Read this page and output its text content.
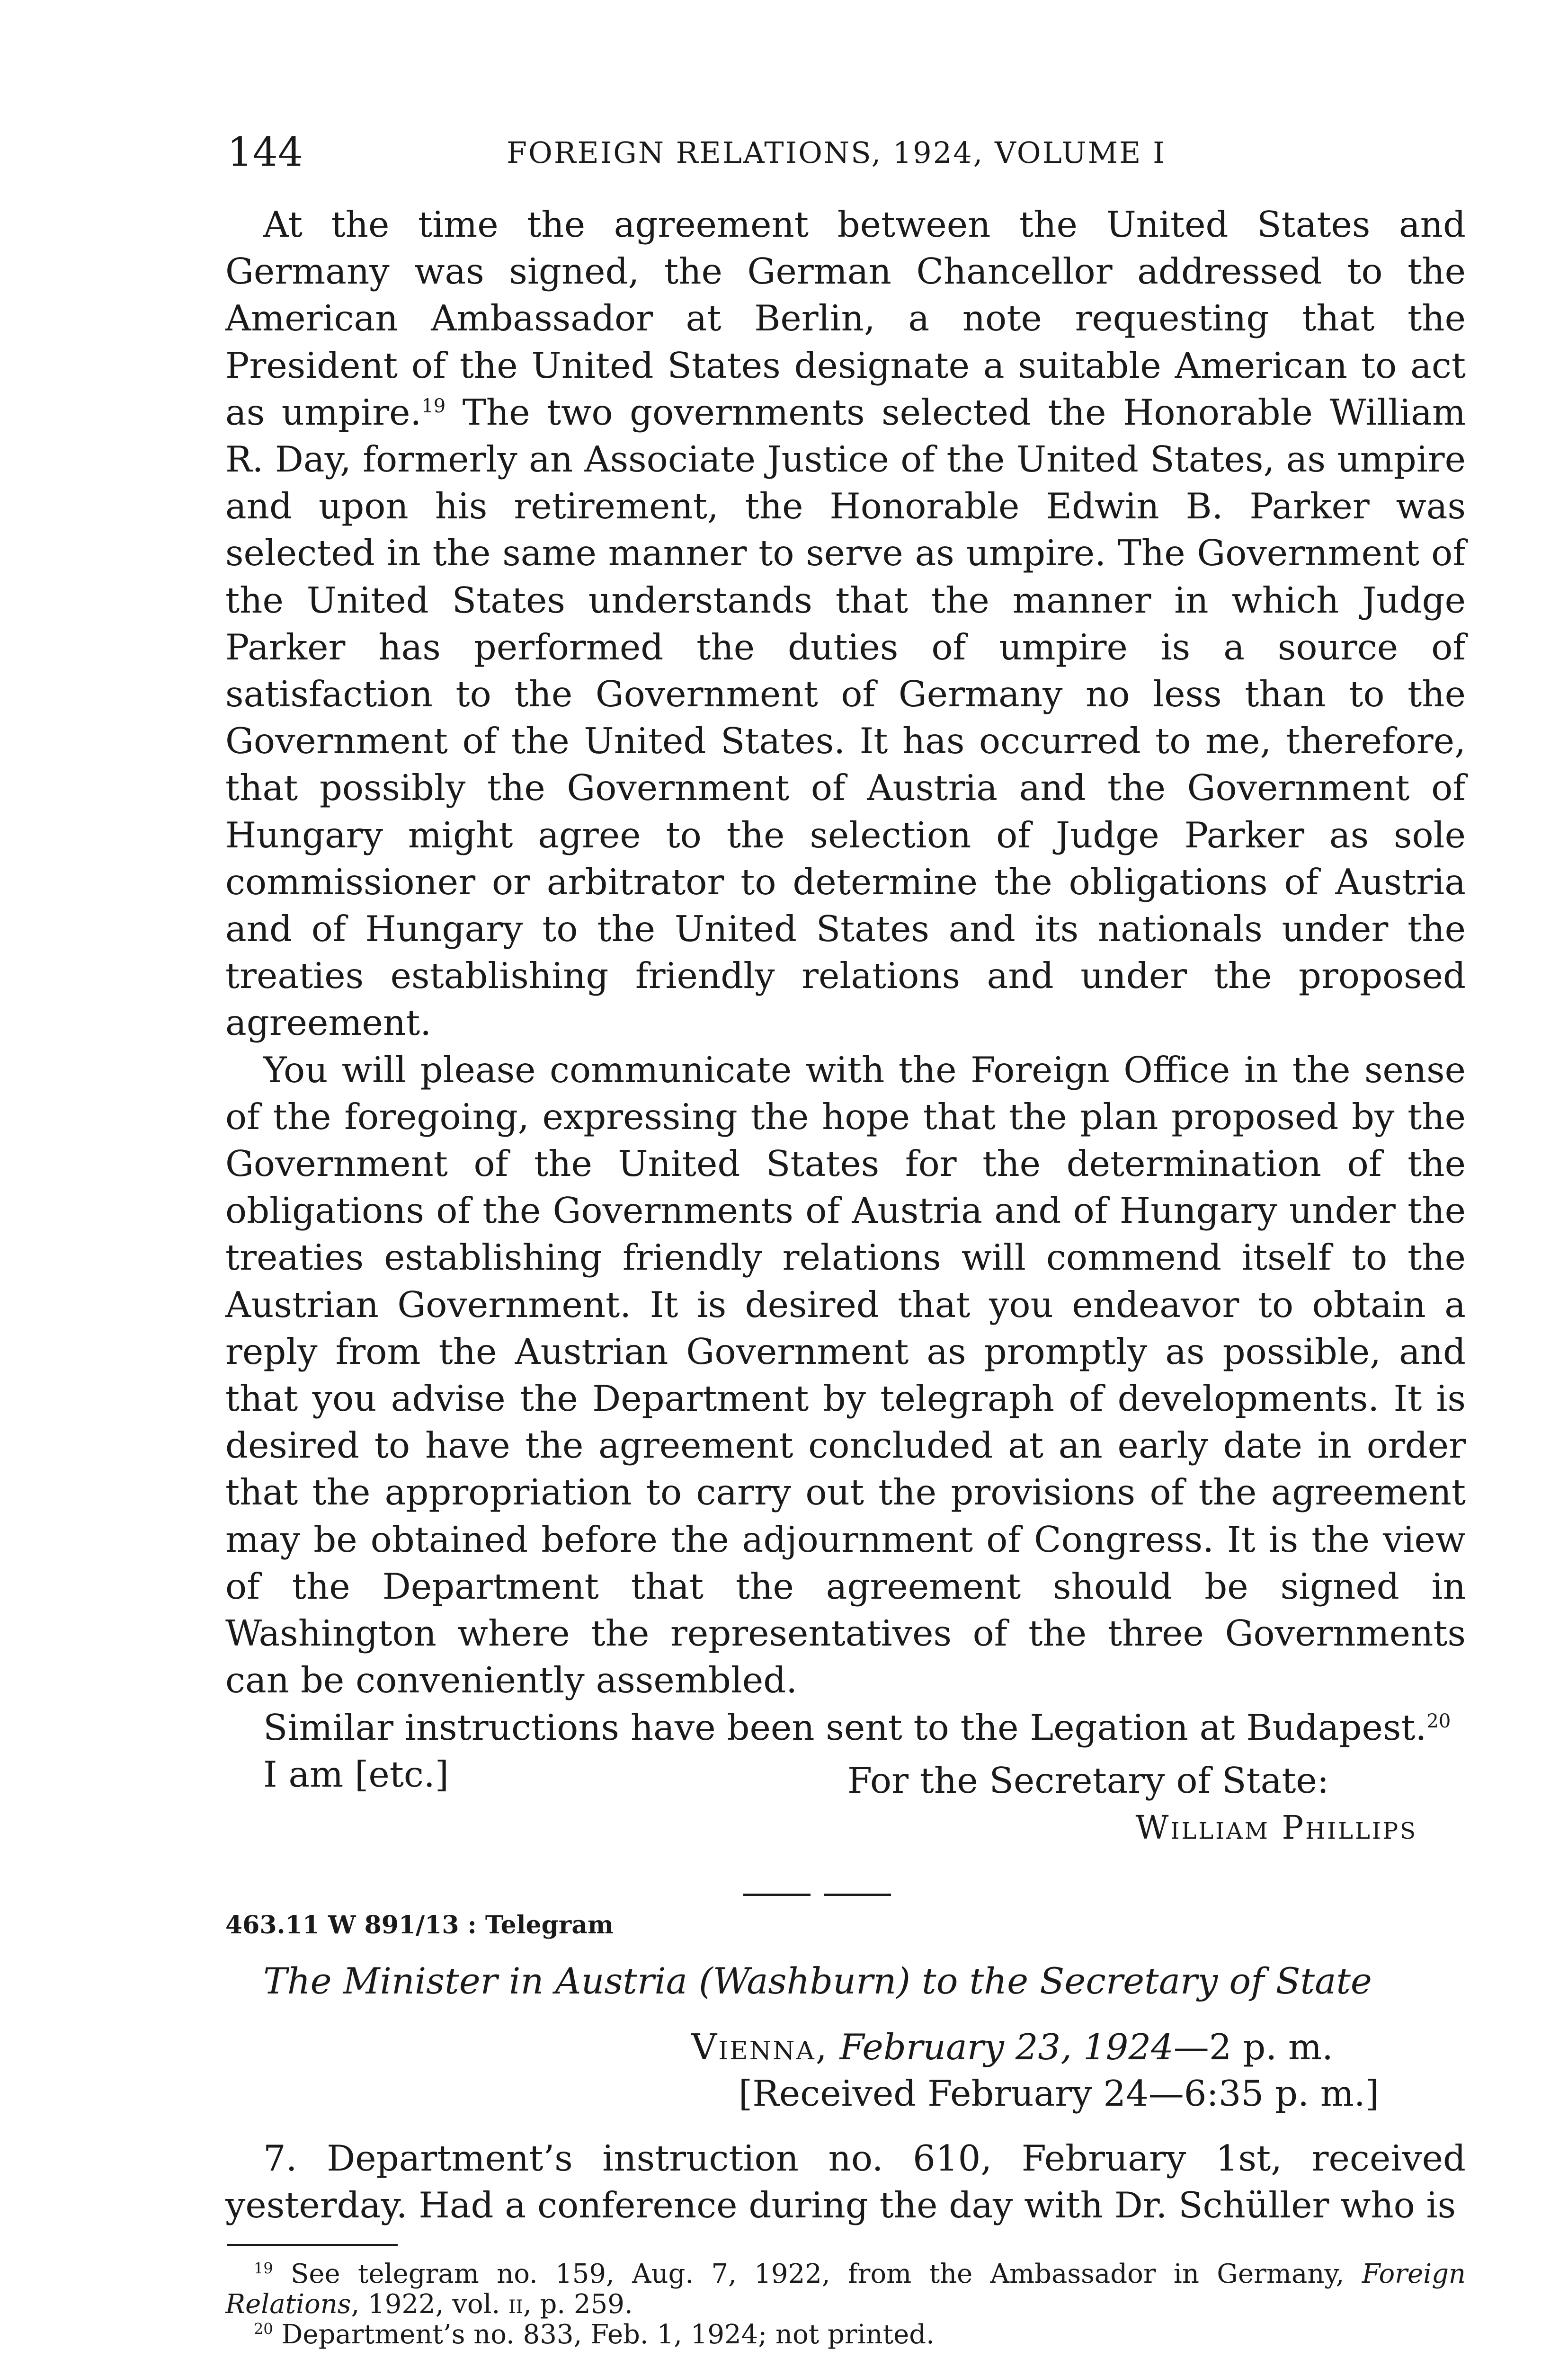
144	FOREIGN RELATIONS, 1924, VOLUME I

At the time the agreement between the United States and Germany was signed, the German Chancellor addressed to the American Ambassador at Berlin, a note requesting that the President of the United States designate a suitable American to act as umpire.$^{19}$ The two governments selected the Honorable William R. Day, formerly an Associate Justice of the United States, as umpire and upon his retirement, the Honorable Edwin B. Parker was selected in the same manner to serve as umpire. The Government of the United States understands that the manner in which Judge Parker has performed the duties of umpire is a source of satisfaction to the Government of Germany no less than to the Government of the United States. It has occurred to me, therefore, that possibly the Government of Austria and the Government of Hungary might agree to the selection of Judge Parker as sole commissioner or arbitrator to determine the obligations of Austria and of Hungary to the United States and its nationals under the treaties establishing friendly relations and under the proposed agreement.

You will please communicate with the Foreign Office in the sense of the foregoing, expressing the hope that the plan proposed by the Government of the United States for the determination of the obligations of the Governments of Austria and of Hungary under the treaties establishing friendly relations will commend itself to the Austrian Government. It is desired that you endeavor to obtain a reply from the Austrian Government as promptly as possible, and that you advise the Department by telegraph of developments. It is desired to have the agreement concluded at an early date in order that the appropriation to carry out the provisions of the agreement may be obtained before the adjournment of Congress. It is the view of the Department that the agreement should be signed in Washington where the representatives of the three Governments can be conveniently assembled.

Similar instructions have been sent to the Legation at Budapest.$^{20}$

I am [etc.]	For the Secretary of State:
William Phillips
463.11 W 891/13 : Telegram
The Minister in Austria (Washburn) to the Secretary of State
Vienna, February 23, 1924—2 p. m.
[Received February 24—6:35 p. m.]

7. Department’s instruction no. 610, February 1st, received yesterday. Had a conference during the day with Dr. Schüller who is

$^{19}$ See telegram no. 159, Aug. 7, 1922, from the Ambassador in Germany, Foreign Relations, 1922, vol. ii, p. 259.

$^{20}$ Department’s no. 833, Feb. 1, 1924; not printed.
